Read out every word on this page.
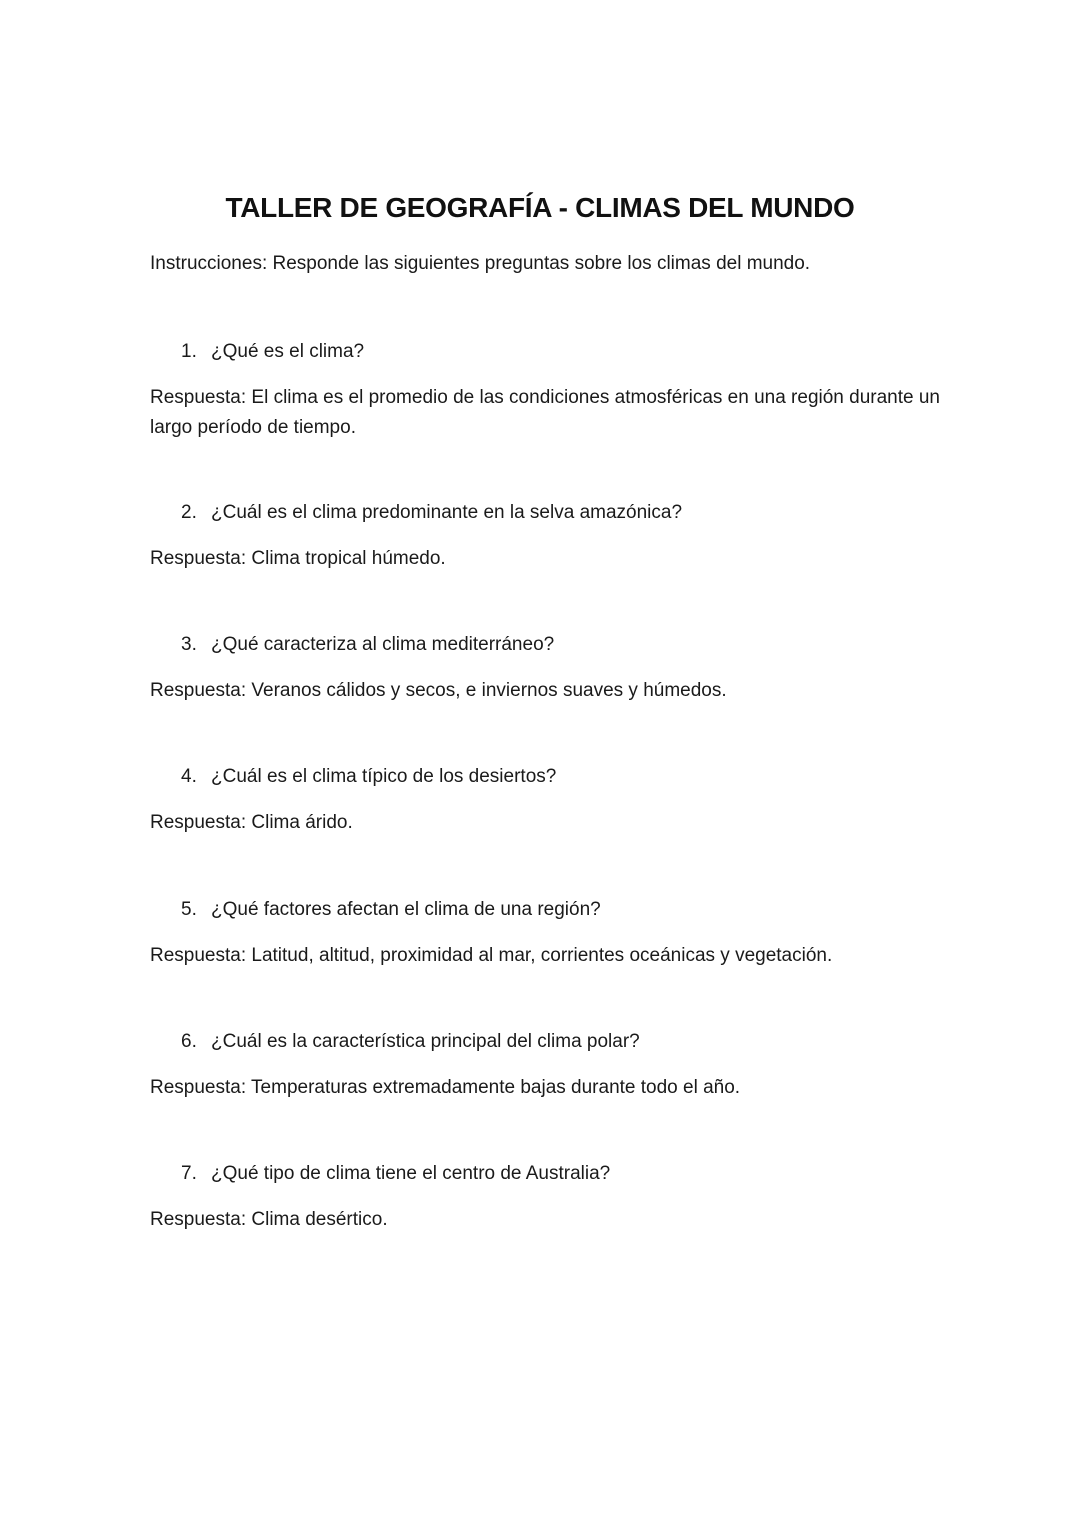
TALLER DE GEOGRAFÍA - CLIMAS DEL MUNDO

Instrucciones: Responde las siguientes preguntas sobre los climas del mundo.

1. ¿Qué es el clima?

Respuesta: El clima es el promedio de las condiciones atmosféricas en una región durante un largo período de tiempo.

2. ¿Cuál es el clima predominante en la selva amazónica?

Respuesta: Clima tropical húmedo.

3. ¿Qué caracteriza al clima mediterráneo?

Respuesta: Veranos cálidos y secos, e inviernos suaves y húmedos.

4. ¿Cuál es el clima típico de los desiertos?

Respuesta: Clima árido.

5. ¿Qué factores afectan el clima de una región?

Respuesta: Latitud, altitud, proximidad al mar, corrientes oceánicas y vegetación.

6. ¿Cuál es la característica principal del clima polar?

Respuesta: Temperaturas extremadamente bajas durante todo el año.

7. ¿Qué tipo de clima tiene el centro de Australia?

Respuesta: Clima desértico.
